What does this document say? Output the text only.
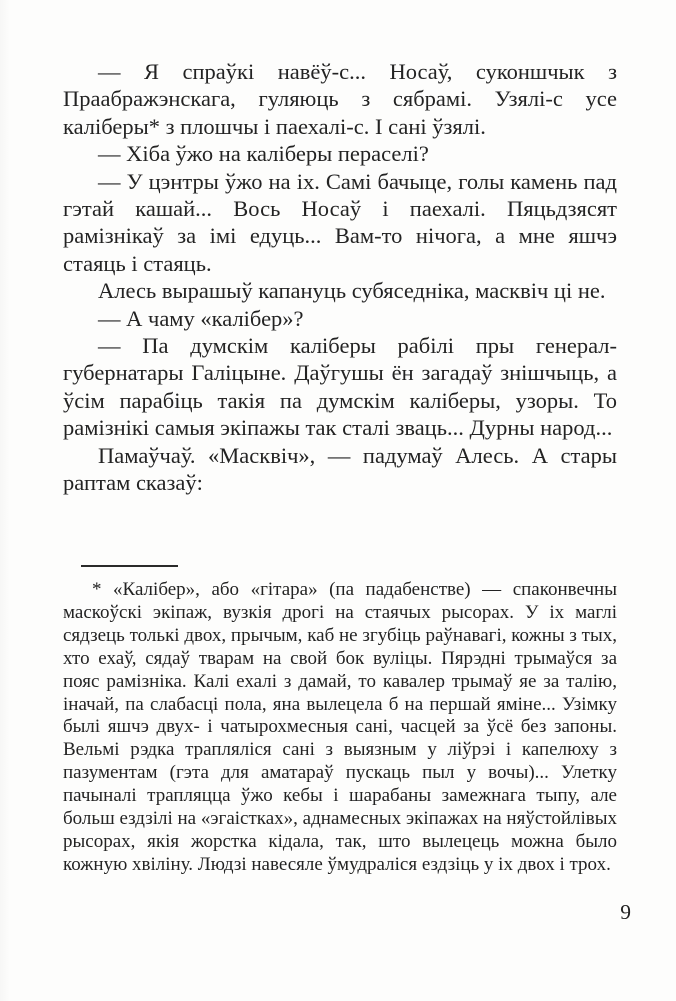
— Я спраўкі навёў-с... Носаў, суконшчык з Праабражэнскага, гуляюць з сябрамі. Узялі-с усе каліберы* з плошчы і паехалі-с. І сані ўзялі.

— Хіба ўжо на каліберы пераселі?

— У цэнтры ўжо на іх. Самі бачыце, голы камень пад гэтай кашай... Вось Носаў і паехалі. Пяцьдзясят рамізнікаў за імі едуць... Вам-то нічога, а мне яшчэ стаяць і стаяць.

Алесь вырашыў капануць субяседніка, масквіч ці не.

— А чаму «калібер»?

— Па думскім каліберы рабілі пры генерал-губернатары Галіцыне. Даўгушы ён загадаў знішчыць, а ўсім парабіць такія па думскім каліберы, узоры. То рамізнікі самыя экіпажы так сталі зваць... Дурны народ...

Памаўчаў. «Масквіч», — падумаў Алесь. А стары раптам сказаў:

* «Калібер», або «гітара» (па падабенстве) — спаконвечны маскоўскі экіпаж, вузкія дрогі на стаячых рысорах. У іх маглі сядзець толькі двох, прычым, каб не згубіць раўнавагі, кожны з тых, хто ехаў, сядаў тварам на свой бок вуліцы. Пярэдні трымаўся за пояс рамізніка. Калі ехалі з дамай, то кавалер трымаў яе за талію, іначай, па слабасці пола, яна вылецела б на першай яміне... Узімку былі яшчэ двух- і чатырохмесныя сані, часцей за ўсё без запоны. Вельмі рэдка трапляліся сані з выязным у ліўрэі і капелюху з пазументам (гэта для аматараў пускаць пыл у вочы)... Улетку пачыналі трапляцца ўжо кебы і шарабаны замежнага тыпу, але больш ездзілі на «эгаістках», аднамесных экіпажах на няўстойлівых рысорах, якія жорстка кідала, так, што вылецець можна было кожную хвіліну. Людзі навесяле ўмудраліся ездзіць у іх двох і трох.

9
